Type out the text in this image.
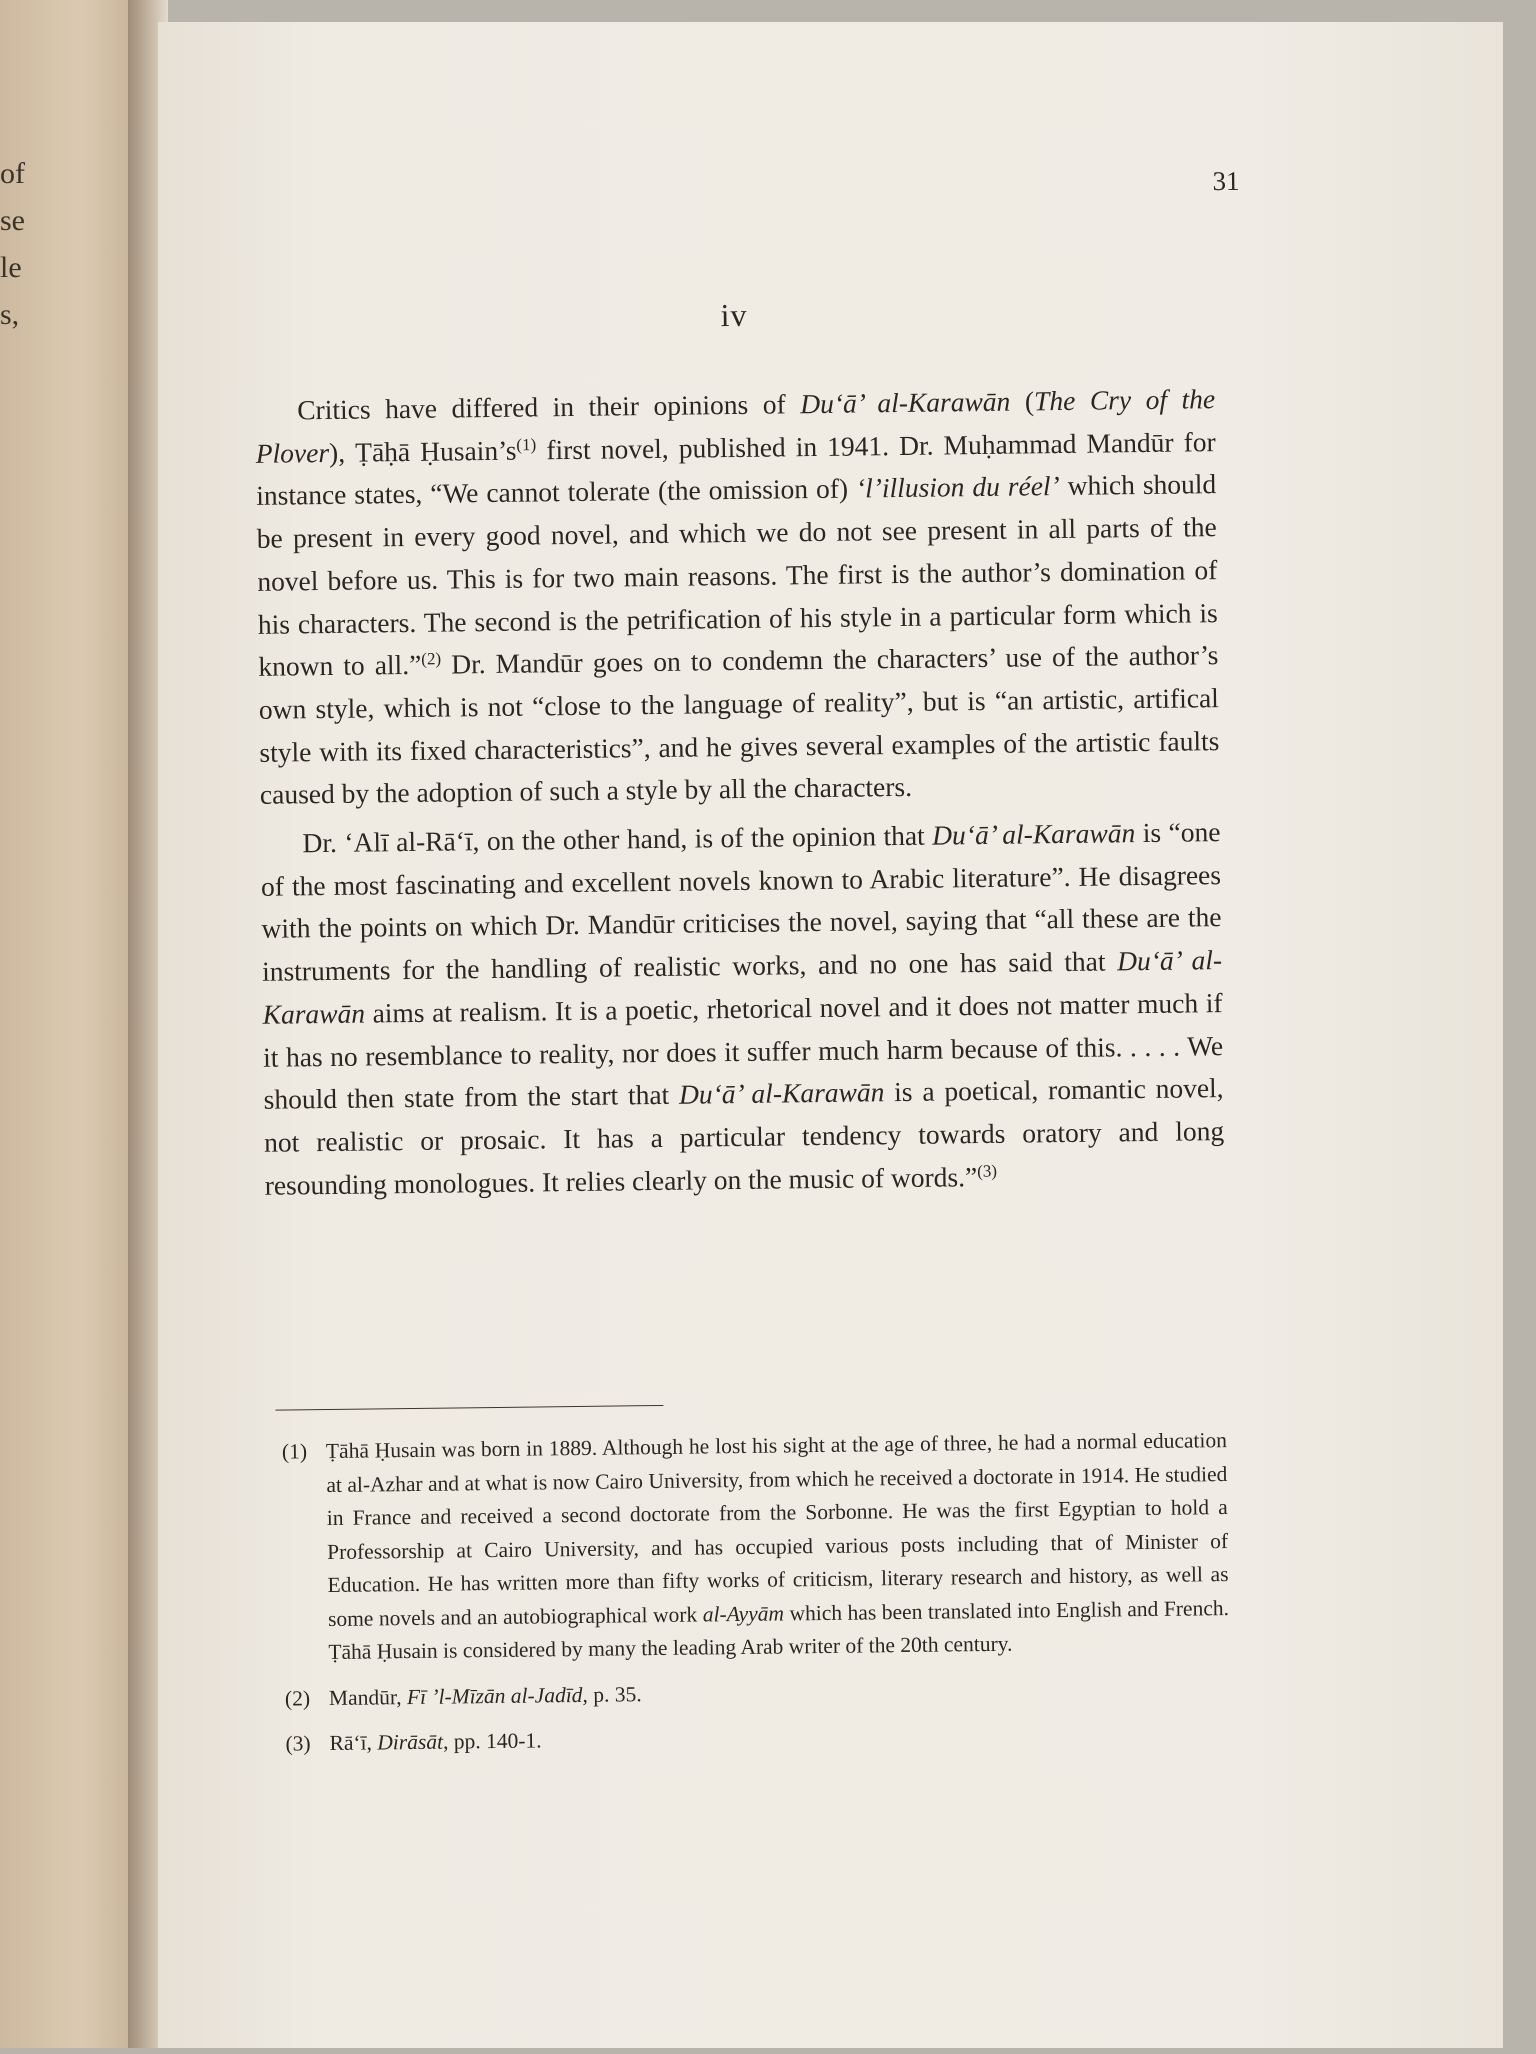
of
se
le
s,
31
iv

Critics have differed in their opinions of Du‘ā’ al-Karawān (The Cry of the Plover), Ṭāḥā $Ḥusain’s^{(1)}$ first novel, published in 1941. Dr. Muḥammad Mandūr for instance states, “We cannot tolerate (the omission of) ‘l’illusion du réel’ which should be present in every good novel, and which we do not see present in all parts of the novel before us. This is for two main reasons. The first is the author’s domination of his characters. The second is the petrification of his style in a particular form which is known to all.”$^{(2)}$ Dr. Mandūr goes on to condemn the characters’ use of the author’s own style, which is not “close to the language of reality”, but is “an artistic, artifical style with its fixed characteristics”, and he gives several examples of the artistic faults caused by the adoption of such a style by all the characters.

Dr. ‘Alī al-Rā‘ī, on the other hand, is of the opinion that Du‘ā’ al-Karawān is “one of the most fascinating and excellent novels known to Arabic literature”. He disagrees with the points on which Dr. Mandūr criticises the novel, saying that “all these are the instruments for the handling of realistic works, and no one has said that Du‘ā’ al-Karawān aims at realism. It is a poetic, rhetorical novel and it does not matter much if it has no resemblance to reality, nor does it suffer much harm because of this. . . . . We should then state from the start that Du‘ā’ al-Karawān is a poetical, romantic novel, not realistic or prosaic. It has a particular tendency towards oratory and long resounding monologues. It relies clearly on the music of words.”$^{(3)}$

(1) Ṭāhā Ḥusain was born in 1889. Although he lost his sight at the age of three, he had a normal education at al-Azhar and at what is now Cairo University, from which he received a doctorate in 1914. He studied in France and received a second doctorate from the Sorbonne. He was the first Egyptian to hold a Professorship at Cairo University, and has occupied various posts including that of Minister of Education. He has written more than fifty works of criticism, literary research and history, as well as some novels and an autobiographical work al-Ayyām which has been translated into English and French. Ṭāhā Ḥusain is considered by many the leading Arab writer of the 20th century.
(2) Mandūr, Fī ’l-Mīzān al-Jadīd, p. 35.
(3) Rā‘ī, Dirāsāt, pp. 140-1.
